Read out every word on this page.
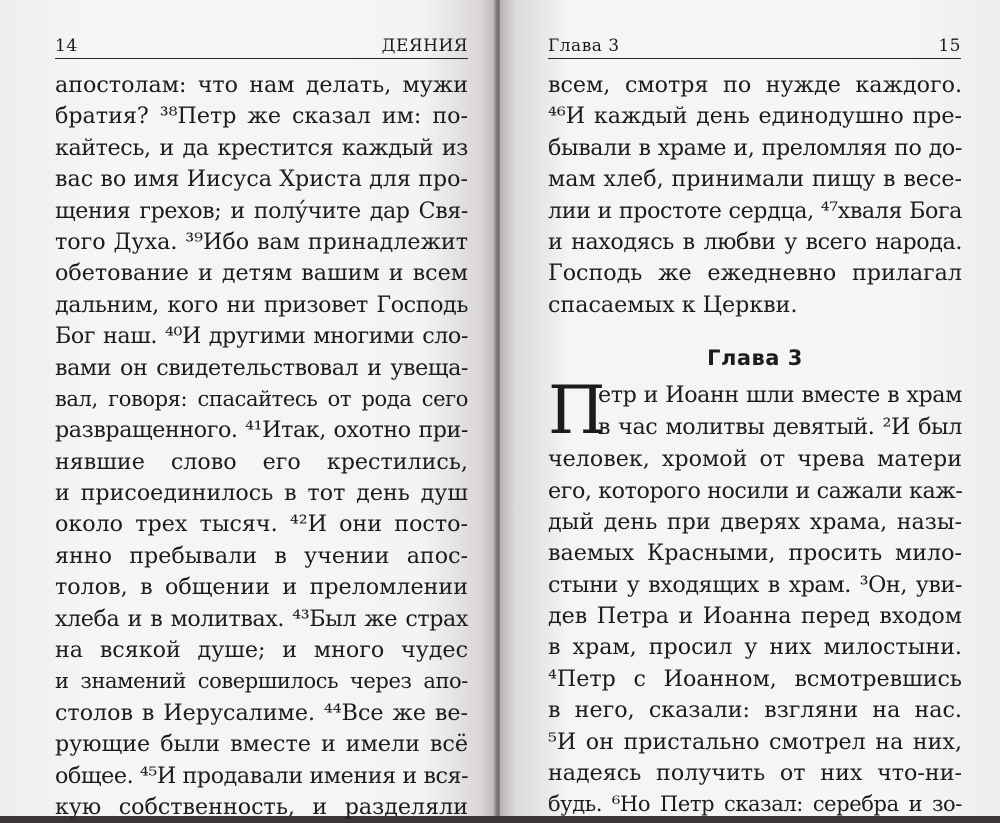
14	ДЕЯНИЯ
апостолам: что нам делать, мужи
братия? ³⁸Петр же сказал им: по-
кайтесь, и да крестится каждый из
вас во имя Иисуса Христа для про-
щения грехов; и полу́чите дар Свя-
того Духа. ³⁹Ибо вам принадлежит
обетование и детям вашим и всем
дальним, кого ни призовет Господь
Бог наш. ⁴⁰И другими многими сло-
вами он свидетельствовал и увеща-
вал, говоря: спасайтесь от рода сего
развращенного. ⁴¹Итак, охотно при-
нявшие слово его крестились,
и присоединилось в тот день душ
около трех тысяч. ⁴²И они посто-
янно пребывали в учении апос-
толов, в общении и преломлении
хлеба и в молитвах. ⁴³Был же страх
на всякой душе; и много чудес
и знамений совершилось через апо-
столов в Иерусалиме. ⁴⁴Все же ве-
рующие были вместе и имели всё
общее. ⁴⁵И продавали имения и вся-
кую собственность, и разделяли
Глава 3	15
всем, смотря по нужде каждого.
⁴⁶И каждый день единодушно пре-
бывали в храме и, преломляя по до-
мам хлеб, принимали пищу в весе-
лии и простоте сердца, ⁴⁷хваля Бога
и находясь в любви у всего народа.
Господь же ежедневно прилагал
спасаемых к Церкви.
Глава 3
П
етр и Иоанн шли вместе в храм
в час молитвы девятый. ²И был
человек, хромой от чрева матери
его, которого носили и сажали каж-
дый день при дверях храма, назы-
ваемых Красными, просить мило-
стыни у входящих в храм. ³Он, уви-
дев Петра и Иоанна перед входом
в храм, просил у них милостыни.
⁴Петр с Иоанном, всмотревшись
в него, сказали: взгляни на нас.
⁵И он пристально смотрел на них,
надеясь получить от них что-ни-
будь. ⁶Но Петр сказал: серебра и зо-
